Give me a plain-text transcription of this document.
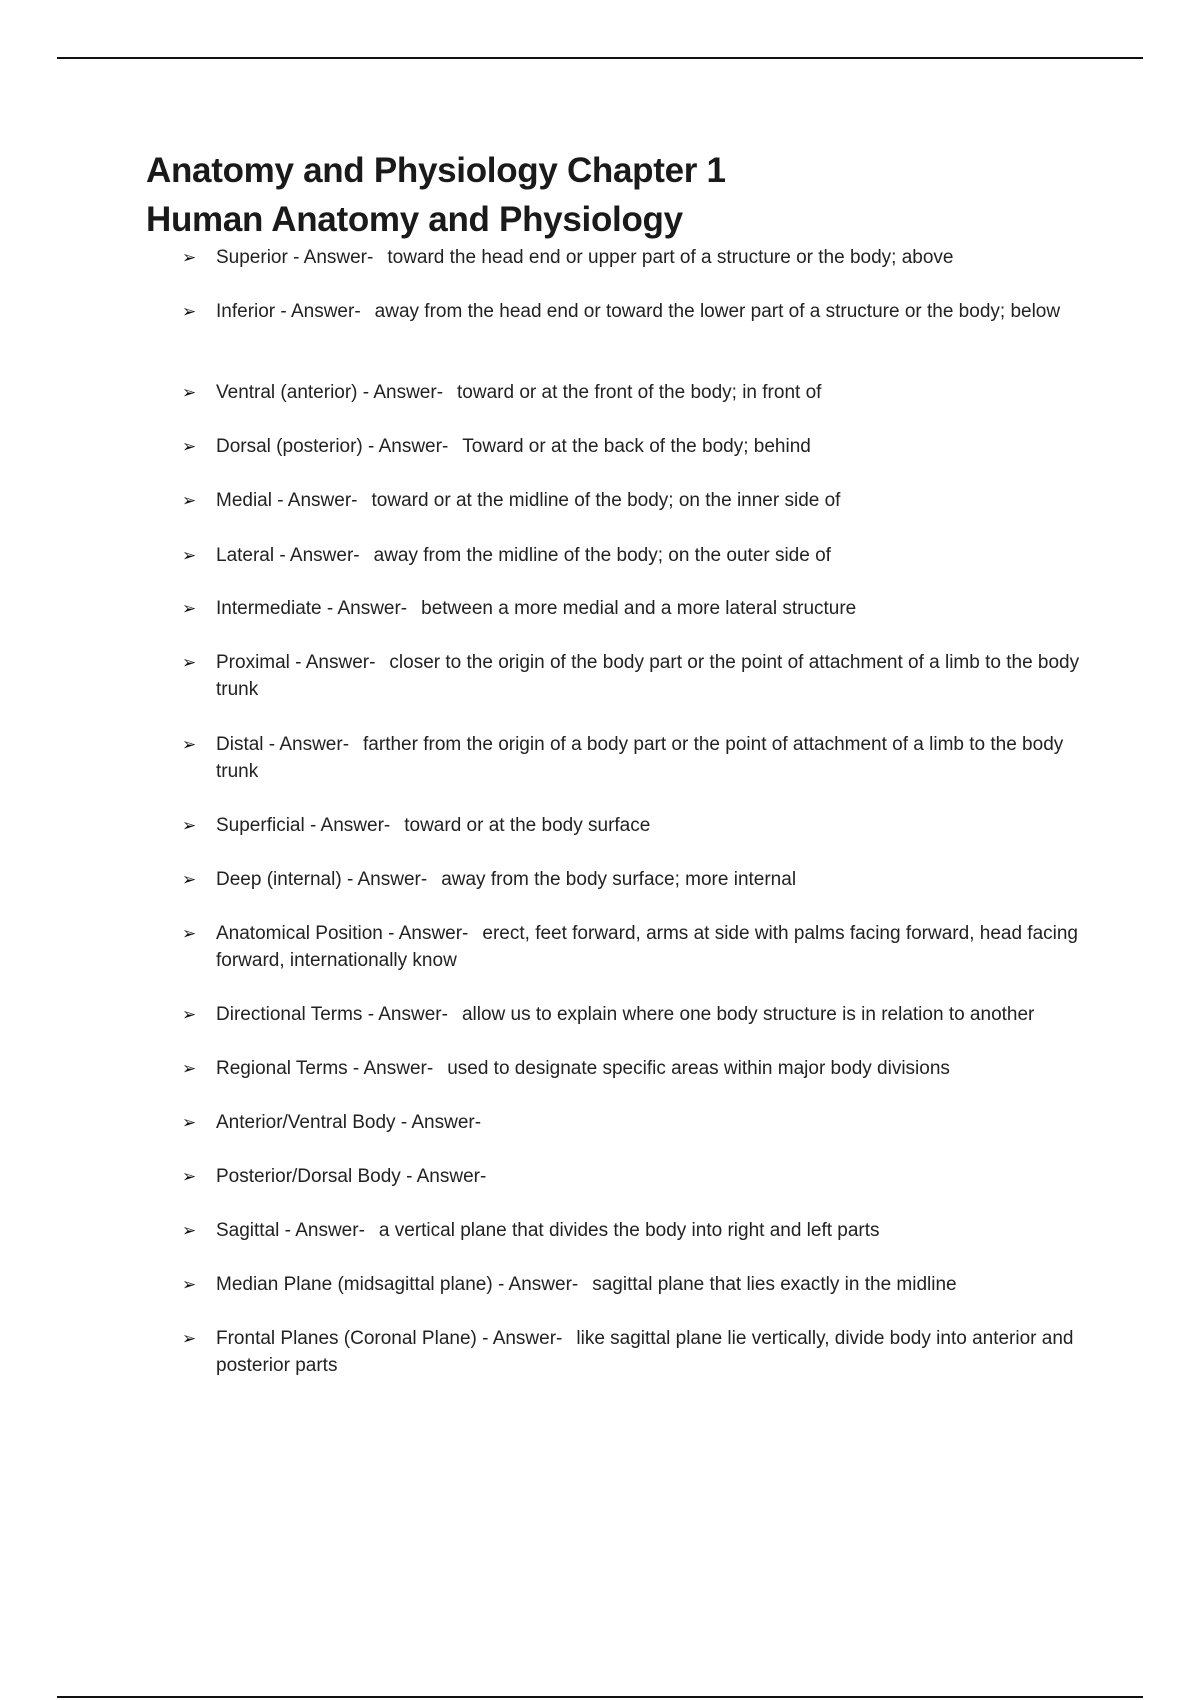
Anatomy and Physiology Chapter 1
Human Anatomy and Physiology
➢	Superior - Answer- toward the head end or upper part of a structure or the body; above
➢	Inferior - Answer- away from the head end or toward the lower part of a structure or the body; below
➢	Ventral (anterior) - Answer- toward or at the front of the body; in front of
➢	Dorsal (posterior) - Answer- Toward or at the back of the body; behind
➢	Medial - Answer- toward or at the midline of the body; on the inner side of
➢	Lateral - Answer- away from the midline of the body; on the outer side of
➢	Intermediate - Answer- between a more medial and a more lateral structure
➢	Proximal - Answer- closer to the origin of the body part or the point of attachment of a limb to the body trunk
➢	Distal - Answer- farther from the origin of a body part or the point of attachment of a limb to the body trunk
➢	Superficial - Answer- toward or at the body surface
➢	Deep (internal) - Answer- away from the body surface; more internal
➢	Anatomical Position - Answer- erect, feet forward, arms at side with palms facing forward, head facing forward, internationally know
➢	Directional Terms - Answer- allow us to explain where one body structure is in relation to another
➢	Regional Terms - Answer- used to designate specific areas within major body divisions
➢	Anterior/Ventral Body - Answer-
➢	Posterior/Dorsal Body - Answer-
➢	Sagittal - Answer- a vertical plane that divides the body into right and left parts
➢	Median Plane (midsagittal plane) - Answer- sagittal plane that lies exactly in the midline
➢	Frontal Planes (Coronal Plane) - Answer- like sagittal plane lie vertically, divide body into anterior and posterior parts
